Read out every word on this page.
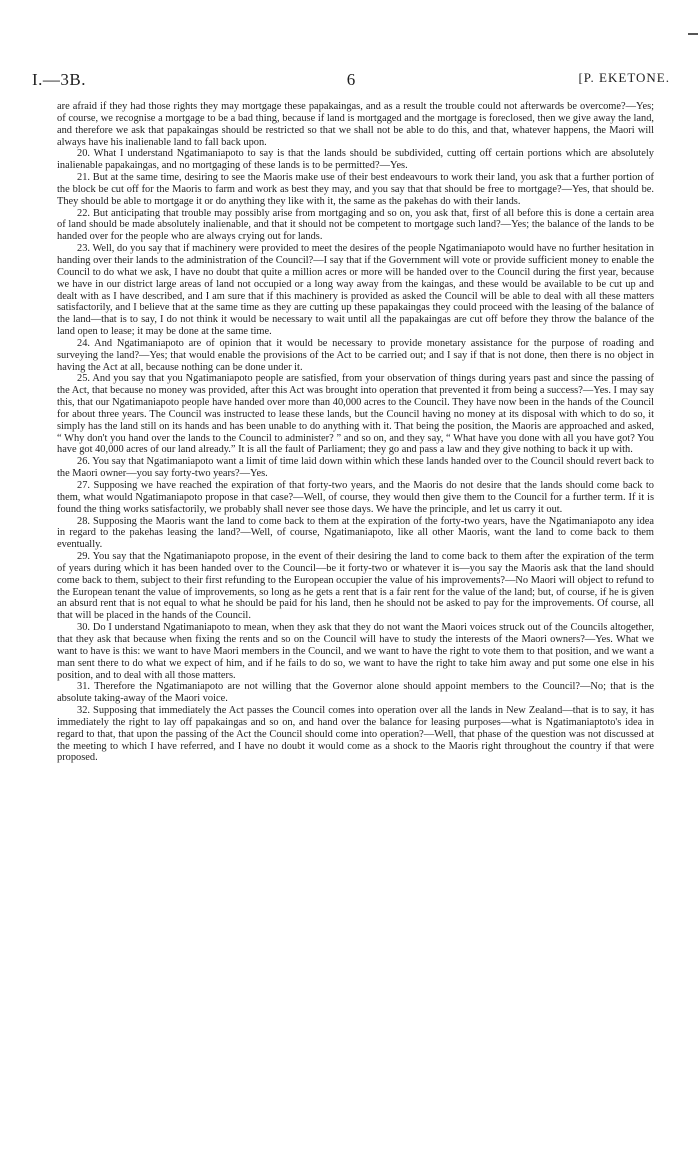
I.—3B.	6	[P. EKETONE.

are afraid if they had those rights they may mortgage these papakaingas, and as a result the trouble could not afterwards be overcome?—Yes; of course, we recognise a mortgage to be a bad thing, because if land is mortgaged and the mortgage is foreclosed, then we give away the land, and therefore we ask that papakaingas should be restricted so that we shall not be able to do this, and that, whatever happens, the Maori will always have his inalienable land to fall back upon.

20. What I understand Ngatimaniapoto to say is that the lands should be subdivided, cutting off certain portions which are absolutely inalienable papakaingas, and no mortgaging of these lands is to be permitted?—Yes.

21. But at the same time, desiring to see the Maoris make use of their best endeavours to work their land, you ask that a further portion of the block be cut off for the Maoris to farm and work as best they may, and you say that that should be free to mortgage?—Yes, that should be. They should be able to mortgage it or do anything they like with it, the same as the pakehas do with their lands.

22. But anticipating that trouble may possibly arise from mortgaging and so on, you ask that, first of all before this is done a certain area of land should be made absolutely inalienable, and that it should not be competent to mortgage such land?—Yes; the balance of the lands to be handed over for the people who are always crying out for lands.

23. Well, do you say that if machinery were provided to meet the desires of the people Ngatimaniapoto would have no further hesitation in handing over their lands to the administration of the Council?—I say that if the Government will vote or provide sufficient money to enable the Council to do what we ask, I have no doubt that quite a million acres or more will be handed over to the Council during the first year, because we have in our district large areas of land not occupied or a long way away from the kaingas, and these would be available to be cut up and dealt with as I have described, and I am sure that if this machinery is provided as asked the Council will be able to deal with all these matters satisfactorily, and I believe that at the same time as they are cutting up these papakaingas they could proceed with the leasing of the balance of the land—that is to say, I do not think it would be necessary to wait until all the papakaingas are cut off before they throw the balance of the land open to lease; it may be done at the same time.

24. And Ngatimaniapoto are of opinion that it would be necessary to provide monetary assistance for the purpose of roading and surveying the land?—Yes; that would enable the provisions of the Act to be carried out; and I say if that is not done, then there is no object in having the Act at all, because nothing can be done under it.

25. And you say that you Ngatimaniapoto people are satisfied, from your observation of things during years past and since the passing of the Act, that because no money was provided, after this Act was brought into operation that prevented it from being a success?—Yes. I may say this, that our Ngatimaniapoto people have handed over more than 40,000 acres to the Council. They have now been in the hands of the Council for about three years. The Council was instructed to lease these lands, but the Council having no money at its disposal with which to do so, it simply has the land still on its hands and has been unable to do anything with it. That being the position, the Maoris are approached and asked, “ Why don't you hand over the lands to the Council to administer? ” and so on, and they say, “ What have you done with all you have got? You have got 40,000 acres of our land already.” It is all the fault of Parliament; they go and pass a law and they give nothing to back it up with.

26. You say that Ngatimaniapoto want a limit of time laid down within which these lands handed over to the Council should revert back to the Maori owner—you say forty-two years?—Yes.

27. Supposing we have reached the expiration of that forty-two years, and the Maoris do not desire that the lands should come back to them, what would Ngatimaniapoto propose in that case?—Well, of course, they would then give them to the Council for a further term. If it is found the thing works satisfactorily, we probably shall never see those days. We have the principle, and let us carry it out.

28. Supposing the Maoris want the land to come back to them at the expiration of the forty-two years, have the Ngatimaniapoto any idea in regard to the pakehas leasing the land?—Well, of course, Ngatimaniapoto, like all other Maoris, want the land to come back to them eventually.

29. You say that the Ngatimaniapoto propose, in the event of their desiring the land to come back to them after the expiration of the term of years during which it has been handed over to the Council—be it forty-two or whatever it is—you say the Maoris ask that the land should come back to them, subject to their first refunding to the European occupier the value of his improvements?—No Maori will object to refund to the European tenant the value of improvements, so long as he gets a rent that is a fair rent for the value of the land; but, of course, if he is given an absurd rent that is not equal to what he should be paid for his land, then he should not be asked to pay for the improvements. Of course, all that will be placed in the hands of the Council.

30. Do I understand Ngatimaniapoto to mean, when they ask that they do not want the Maori voices struck out of the Councils altogether, that they ask that because when fixing the rents and so on the Council will have to study the interests of the Maori owners?—Yes. What we want to have is this: we want to have Maori members in the Council, and we want to have the right to vote them to that position, and we want a man sent there to do what we expect of him, and if he fails to do so, we want to have the right to take him away and put some one else in his position, and to deal with all those matters.

31. Therefore the Ngatimaniapoto are not willing that the Governor alone should appoint members to the Council?—No; that is the absolute taking-away of the Maori voice.

32. Supposing that immediately the Act passes the Council comes into operation over all the lands in New Zealand—that is to say, it has immediately the right to lay off papakaingas and so on, and hand over the balance for leasing purposes—what is Ngatimaniaptoto's idea in regard to that, that upon the passing of the Act the Council should come into operation?—Well, that phase of the question was not discussed at the meeting to which I have referred, and I have no doubt it would come as a shock to the Maoris right throughout the country if that were proposed.
